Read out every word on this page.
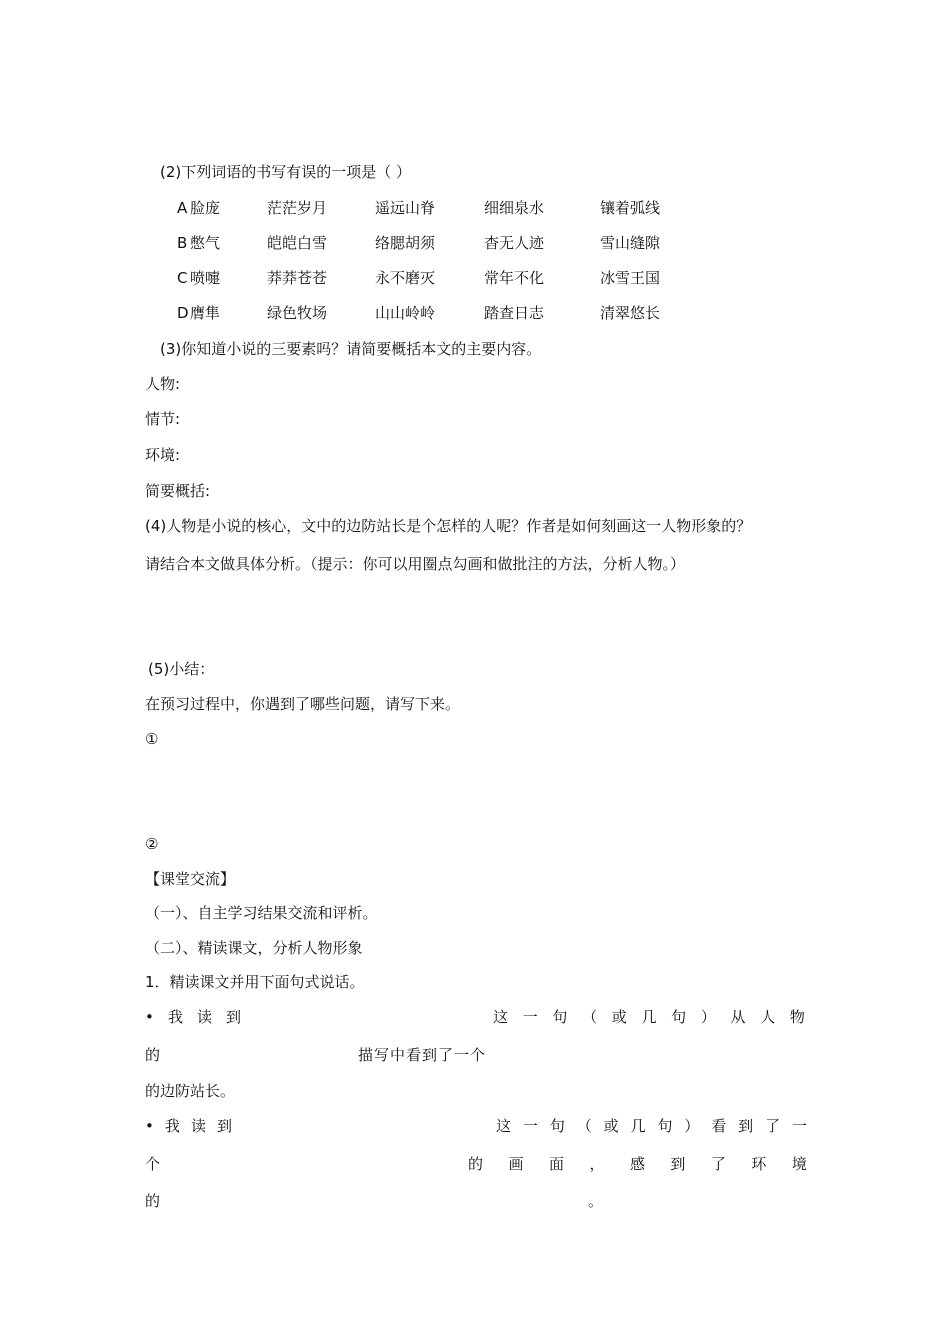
(2)下列词语的书写有误的一项是（ ）
A 脸庞	茫茫岁月	遥远山脊	细细泉水	镶着弧线
B 憋气	皑皑白雪	络腮胡须	杳无人迹	雪山缝隙
C 喷嚏	莽莽苍苍	永不磨灭	常年不化	冰雪王国
D 膺隼	绿色牧场	山山岭岭	踏查日志	清翠悠长
(3)你知道小说的三要素吗？请简要概括本文的主要内容。
人物:
情节:
环境:
简要概括:
(4)人物是小说的核心，文中的边防站长是个怎样的人呢？作者是如何刻画这一人物形象的？
请结合本文做具体分析。（提示：你可以用圈点勾画和做批注的方法，分析人物。）
(5)小结：
在预习过程中，你遇到了哪些问题，请写下来。
①
②
【课堂交流】
（一）、自主学习结果交流和评析。
（二）、精读课文，分析人物形象
1．精读课文并用下面句式说话。
• 我 读 到	这 一 句 （ 或 几 句 ） 从 人 物
的	描写中看到了一个
的边防站长。
• 我 读 到	这 一 句 （ 或 几 句 ） 看 到 了 一
个	的 画 面 ， 感 到 了 环 境
的	。
